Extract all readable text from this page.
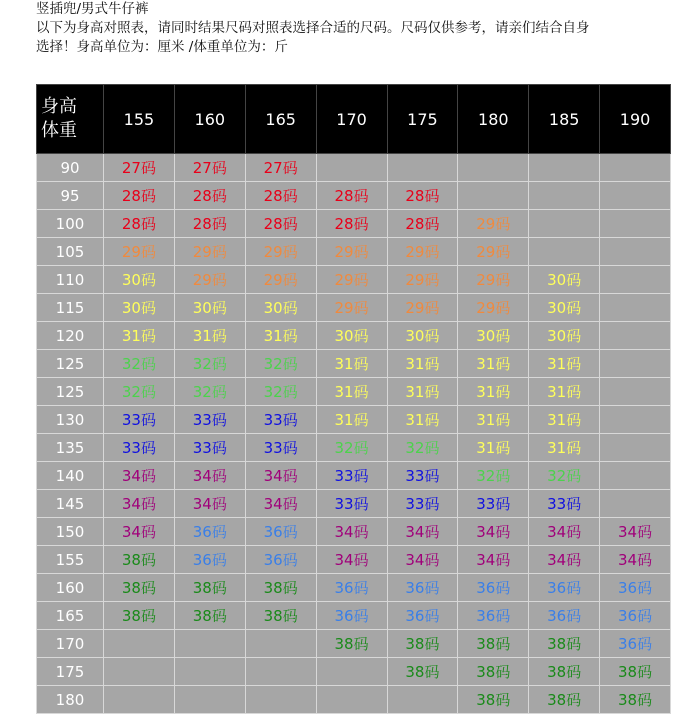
竖插兜/男式牛仔裤
以下为身高对照表，请同时结果尺码对照表选择合适的尺码。尺码仅供参考，请亲们结合自身
选择！身高单位为：厘米 /体重单位为：斤
身高
体重	155	160	165	170	175	180	185	190
90	27码	27码	27码					
95	28码	28码	28码	28码	28码			
100	28码	28码	28码	28码	28码	29码		
105	29码	29码	29码	29码	29码	29码		
110	30码	29码	29码	29码	29码	29码	30码	
115	30码	30码	30码	29码	29码	29码	30码	
120	31码	31码	31码	30码	30码	30码	30码	
125	32码	32码	32码	31码	31码	31码	31码	
125	32码	32码	32码	31码	31码	31码	31码	
130	33码	33码	33码	31码	31码	31码	31码	
135	33码	33码	33码	32码	32码	31码	31码	
140	34码	34码	34码	33码	33码	32码	32码	
145	34码	34码	34码	33码	33码	33码	33码	
150	34码	36码	36码	34码	34码	34码	34码	34码
155	38码	36码	36码	34码	34码	34码	34码	34码
160	38码	38码	38码	36码	36码	36码	36码	36码
165	38码	38码	38码	36码	36码	36码	36码	36码
170				38码	38码	38码	38码	36码
175					38码	38码	38码	38码
180						38码	38码	38码
